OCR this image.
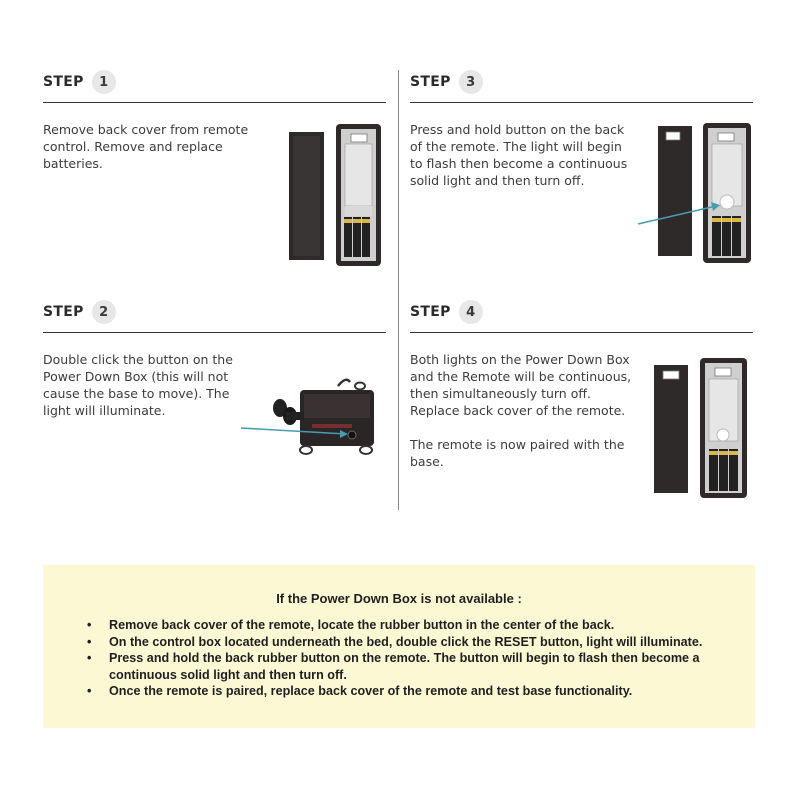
STEP	1

Remove back cover from remote control. Remove and replace batteries.

STEP	2

Double click the button on the Power Down Box (this will not cause the base to move). The light will illuminate.

STEP	3

Press and hold button on the back of the remote. The light will begin to flash then become a continuous solid light and then turn off.

STEP	4

Both lights on the Power Down Box and the Remote will be continuous, then simultaneously turn off. Replace back cover of the remote.

The remote is now paired with the base.

If the Power Down Box is not available :
• Remove back cover of the remote, locate the rubber button in the center of the back.
• On the control box located underneath the bed, double click the RESET button, light will illuminate.
• Press and hold the back rubber button on the remote. The button will begin to flash then become a continuous solid light and then turn off.
• Once the remote is paired, replace back cover of the remote and test base functionality.
